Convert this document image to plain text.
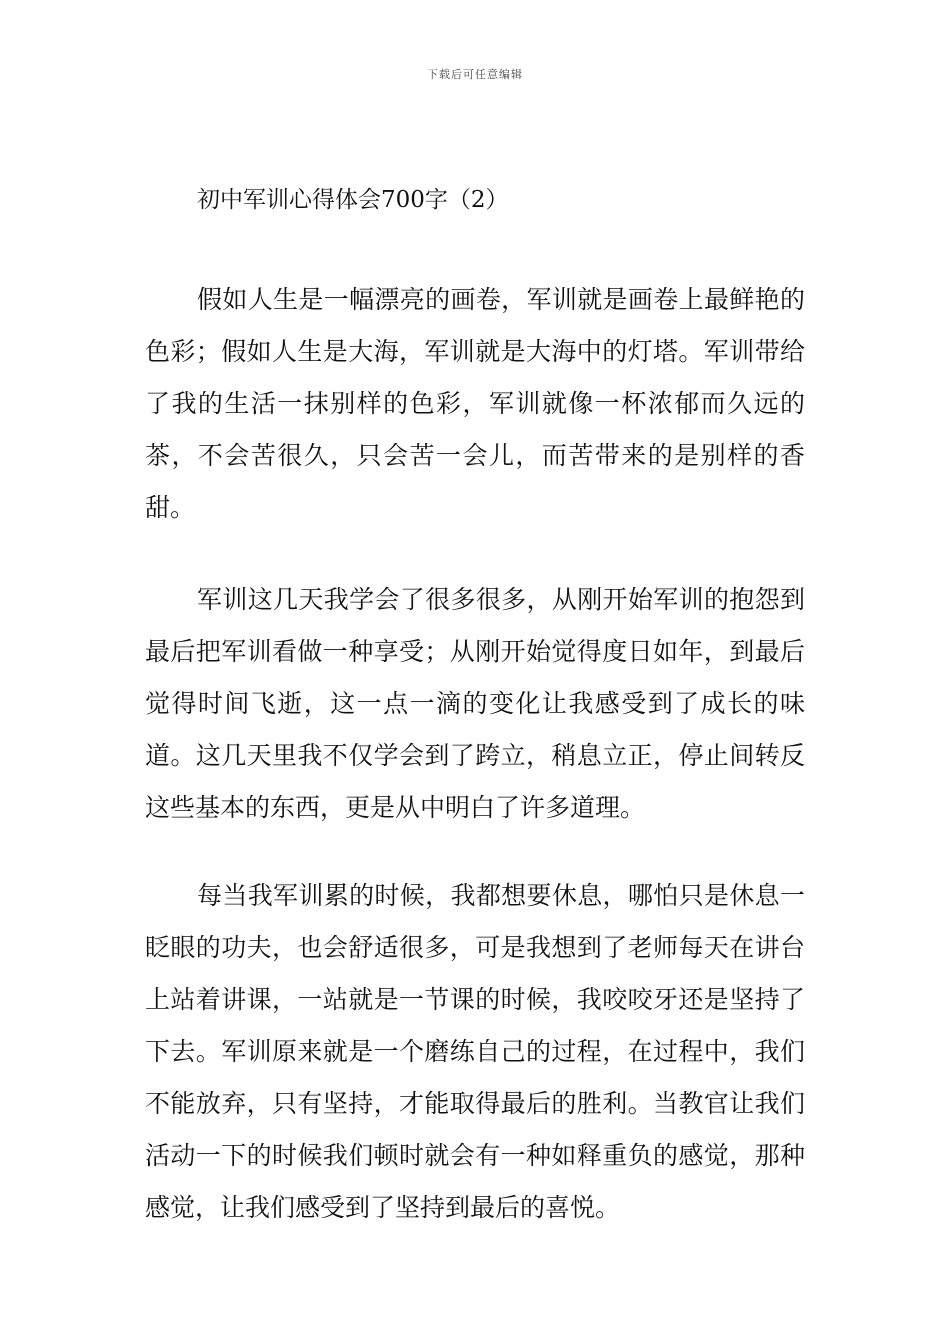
下载后可任意编辑
初中军训心得体会700字（2）

假如人生是一幅漂亮的画卷，军训就是画卷上最鲜艳的色彩；假如人生是大海，军训就是大海中的灯塔。军训带给了我的生活一抹别样的色彩，军训就像一杯浓郁而久远的茶，不会苦很久，只会苦一会儿，而苦带来的是别样的香甜。

军训这几天我学会了很多很多，从刚开始军训的抱怨到最后把军训看做一种享受；从刚开始觉得度日如年，到最后觉得时间飞逝，这一点一滴的变化让我感受到了成长的味道。这几天里我不仅学会到了跨立，稍息立正，停止间转反这些基本的东西，更是从中明白了许多道理。

每当我军训累的时候，我都想要休息，哪怕只是休息一眨眼的功夫，也会舒适很多，可是我想到了老师每天在讲台上站着讲课，一站就是一节课的时候，我咬咬牙还是坚持了下去。军训原来就是一个磨练自己的过程，在过程中，我们不能放弃，只有坚持，才能取得最后的胜利。当教官让我们活动一下的时候我们顿时就会有一种如释重负的感觉，那种感觉，让我们感受到了坚持到最后的喜悦。
